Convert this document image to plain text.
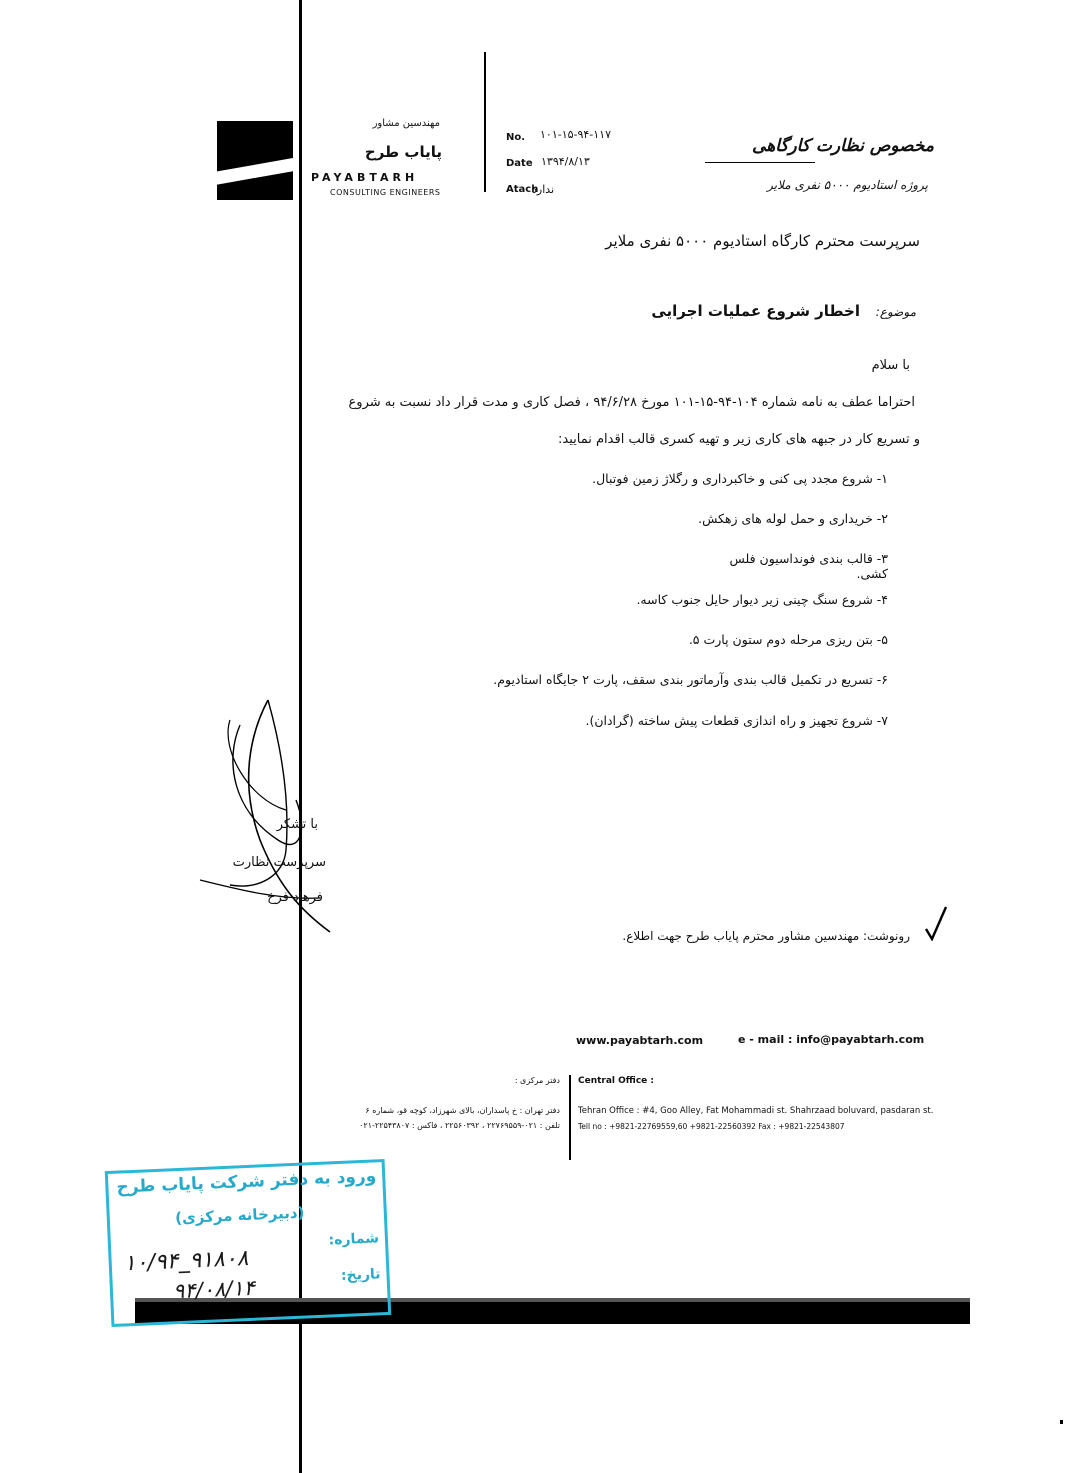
مهندسین مشاور
پایاب طرح
PAYABTARH
CONSULTING ENGINEERS
No. ۱۰۱-۱۵-۹۴-۱۱۷
Date ۱۳۹۴/۸/۱۳
Atach
ندارد
مخصوص نظارت کارگاهی
پروژه استادیوم ۵۰۰۰ نفری ملایر
سرپرست محترم کارگاه استادیوم ۵۰۰۰ نفری ملایر
موضوع:
اخطار شروع عملیات اجرایی
با سلام
احتراما عطف به نامه شماره ۱۰۴-۹۴-۱۵-۱۰۱ مورخ ۹۴/۶/۲۸ ، فصل کاری و مدت قرار داد نسبت به شروع
و تسریع کار در جبهه های کاری زیر و تهیه کسری قالب اقدام نمایید:
۱- شروع مجدد پی کنی و خاکبرداری و رگلاژ زمین فوتبال.
۲- خریداری و حمل لوله های زهکش.
۳- قالب بندی فونداسیون فلس کشی.
۴- شروع سنگ چینی زیر دیوار حایل جنوب کاسه.
۵- بتن ریزی مرحله دوم ستون پارت ۵.
۶- تسریع در تکمیل قالب بندی وآرماتور بندی سقف، پارت ۲ جایگاه استادیوم.
۷- شروع تجهیز و راه اندازی قطعات پیش ساخته (گرادان).
با تشکر
سرپرست نظارت
فرهاد فرخ
رونوشت: مهندسین مشاور محترم پایاب طرح جهت اطلاع.
www.payabtarh.com	e - mail : info@payabtarh.com
دفتر مرکزی : Central Office :
دفتر تهران : خ پاسداران، بالای شهرزاد، کوچه قو، شماره ۶
تلفن : ۰۲۱-۲۲۷۶۹۵۵۹ ، ۲۲۵۶۰۳۹۲ ، فاکس : ۲۲۵۴۳۸۰۷-۰۲۱
Tehran Office : #4, Goo Alley, Fat Mohammadi st. Shahrzaad boluvard, pasdaran st.
Tell no : +9821-22769559,60 +9821-22560392 Fax : +9821-22543807
ورود به دفتر شرکت پایاب طرح
(دبیرخانه مرکزی)
شماره:
۱۰/۹۴_۹۱۸۰۸	تاریخ:
۹۴/۰۸/۱۴
